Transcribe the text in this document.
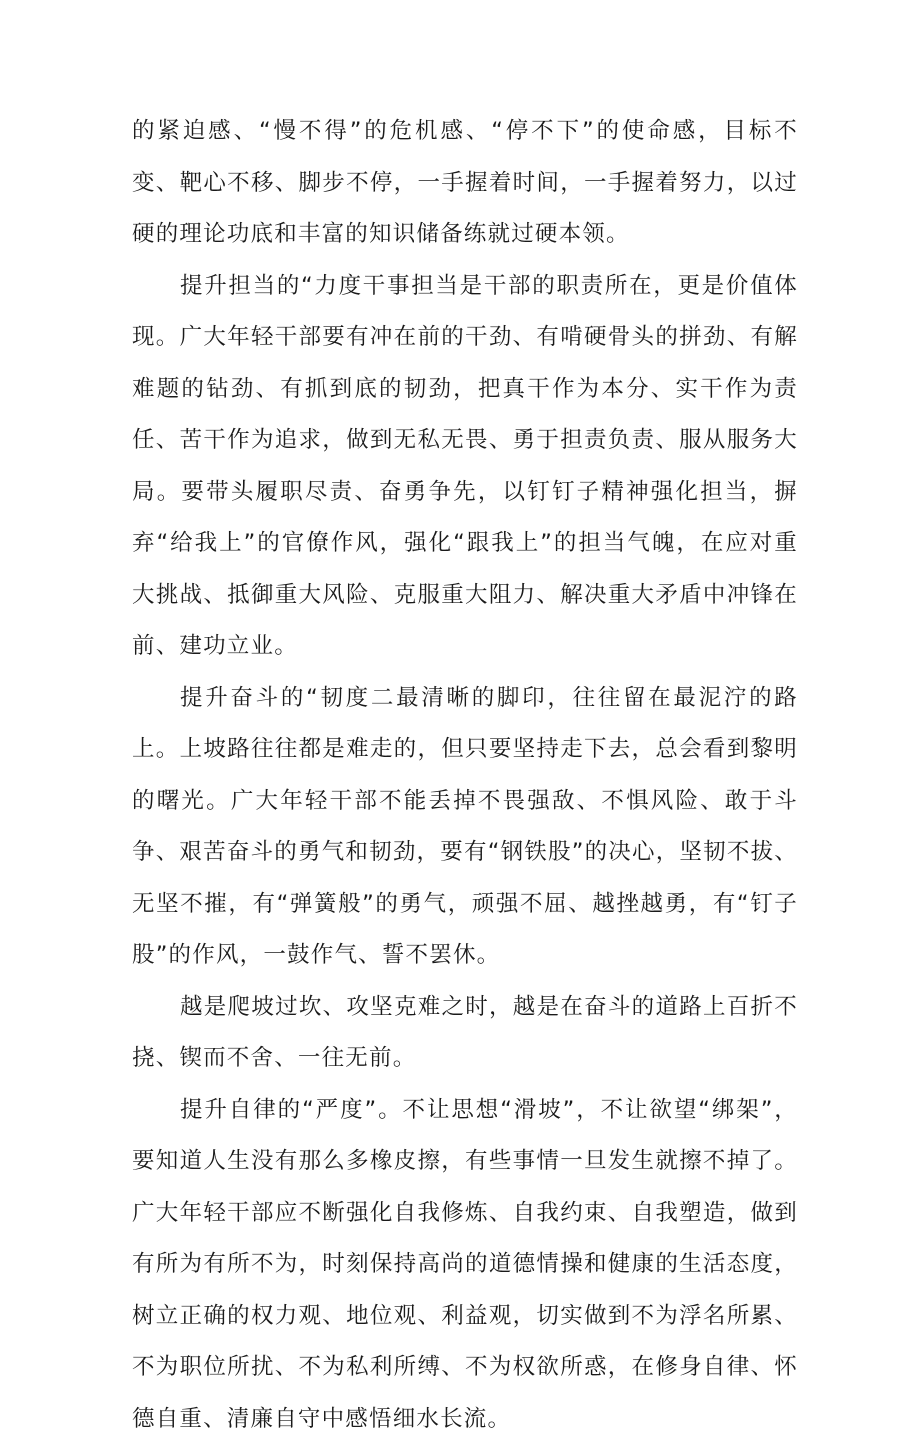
的紧迫感、“慢不得”的危机感、“停不下”的使命感，目标不变、靶心不移、脚步不停，一手握着时间，一手握着努力，以过硬的理论功底和丰富的知识储备练就过硬本领。

提升担当的“力度干事担当是干部的职责所在，更是价值体现。广大年轻干部要有冲在前的干劲、有啃硬骨头的拼劲、有解难题的钻劲、有抓到底的韧劲，把真干作为本分、实干作为责任、苦干作为追求，做到无私无畏、勇于担责负责、服从服务大局。要带头履职尽责、奋勇争先，以钉钉子精神强化担当，摒弃“给我上”的官僚作风，强化“跟我上”的担当气魄，在应对重大挑战、抵御重大风险、克服重大阻力、解决重大矛盾中冲锋在前、建功立业。

提升奋斗的“韧度二最清晰的脚印，往往留在最泥泞的路上。上坡路往往都是难走的，但只要坚持走下去，总会看到黎明的曙光。广大年轻干部不能丢掉不畏强敌、不惧风险、敢于斗争、艰苦奋斗的勇气和韧劲，要有“钢铁股”的决心，坚韧不拔、无坚不摧，有“弹簧般”的勇气，顽强不屈、越挫越勇，有“钉子股”的作风，一鼓作气、誓不罢休。

越是爬坡过坎、攻坚克难之时，越是在奋斗的道路上百折不挠、锲而不舍、一往无前。

提升自律的“严度”。不让思想“滑坡”，不让欲望“绑架”，要知道人生没有那么多橡皮擦，有些事情一旦发生就擦不掉了。广大年轻干部应不断强化自我修炼、自我约束、自我塑造，做到有所为有所不为，时刻保持高尚的道德情操和健康的生活态度，树立正确的权力观、地位观、利益观，切实做到不为浮名所累、不为职位所扰、不为私利所缚、不为权欲所惑，在修身自律、怀德自重、清廉自守中感悟细水长流。
